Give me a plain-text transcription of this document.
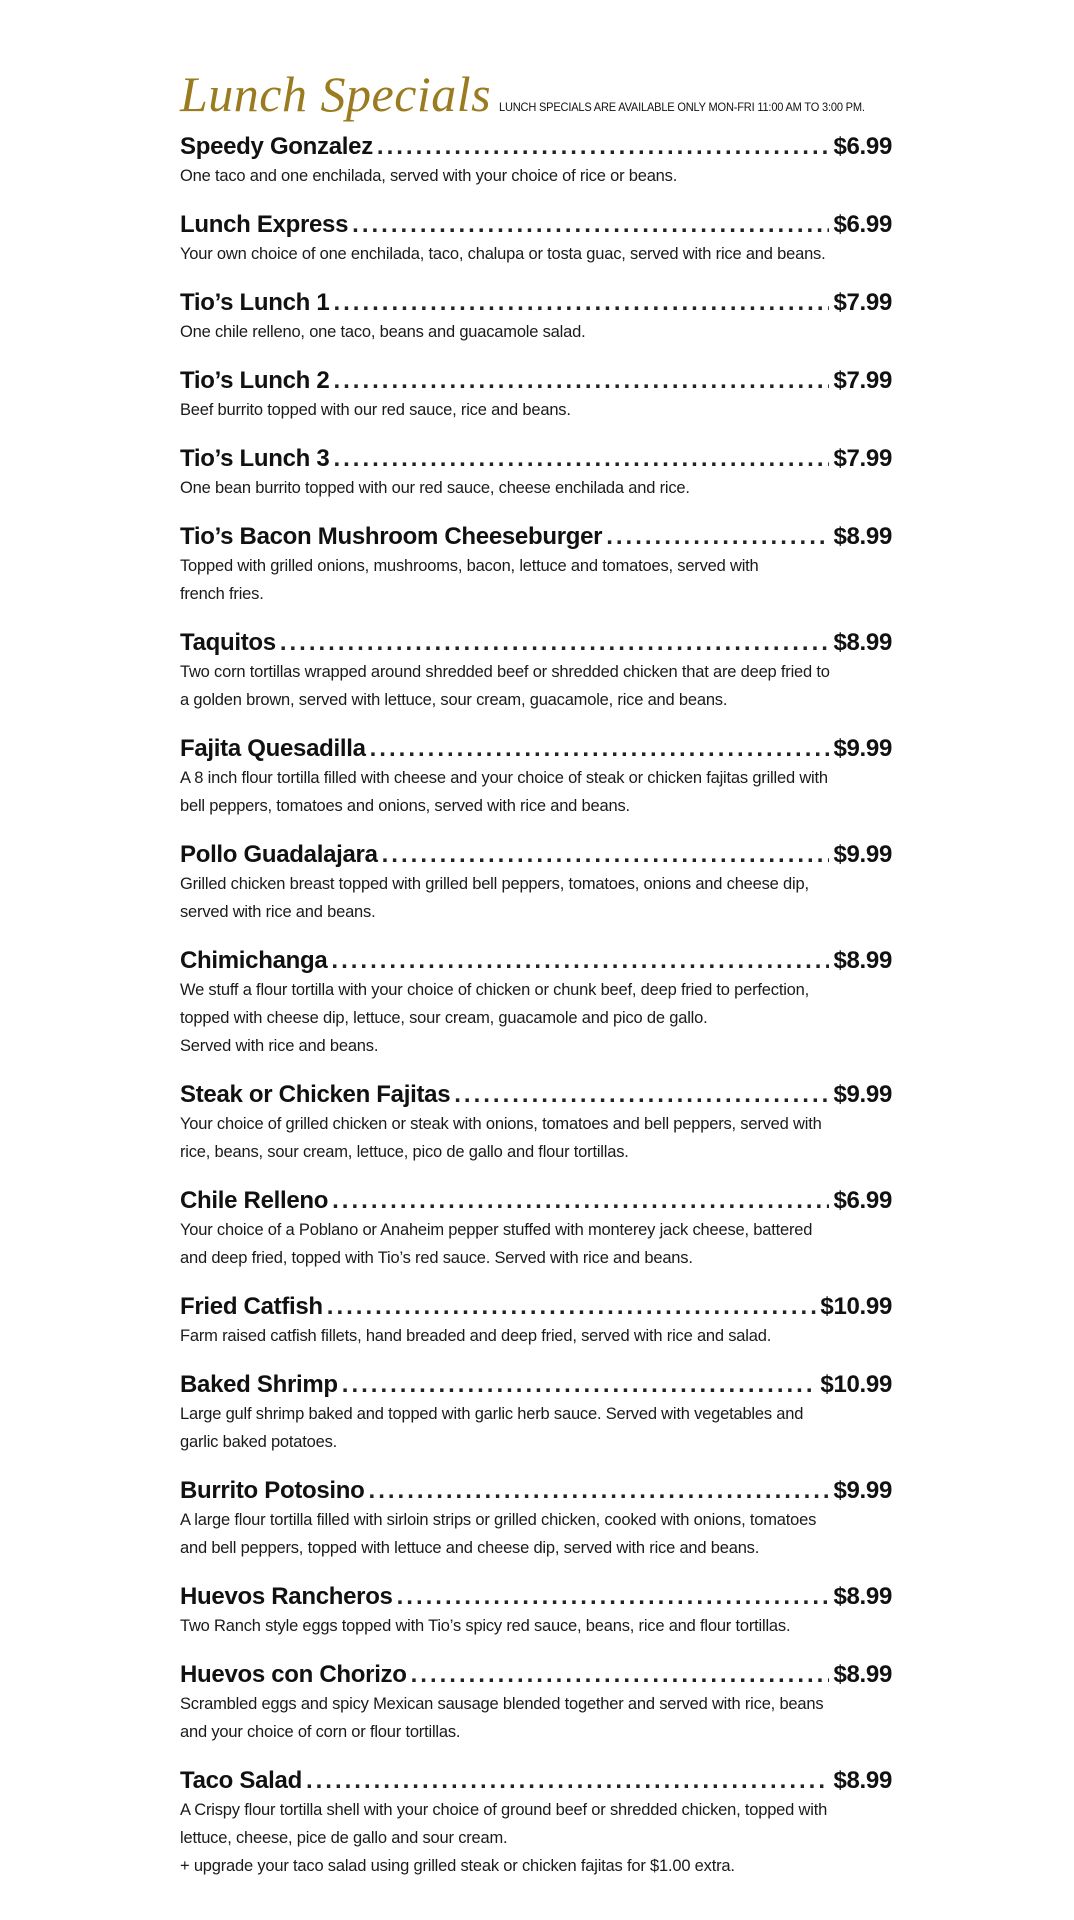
Lunch Specials LUNCH SPECIALS ARE AVAILABLE ONLY MON-FRI 11:00 AM TO 3:00 PM.
Speedy Gonzalez .....	$6.99
One taco and one enchilada, served with your choice of rice or beans.
Lunch Express .....	$6.99
Your own choice of one enchilada, taco, chalupa or tosta guac, served with rice and beans.
Tio’s Lunch 1 .....	$7.99
One chile relleno, one taco, beans and guacamole salad.
Tio’s Lunch 2 .....	$7.99
Beef burrito topped with our red sauce, rice and beans.
Tio’s Lunch 3 .....	$7.99
One bean burrito topped with our red sauce, cheese enchilada and rice.
Tio’s Bacon Mushroom Cheeseburger .....	$8.99
Topped with grilled onions, mushrooms, bacon, lettuce and tomatoes, served with
french fries.
Taquitos .....	$8.99
Two corn tortillas wrapped around shredded beef or shredded chicken that are deep fried to
a golden brown, served with lettuce, sour cream, guacamole, rice and beans.
Fajita Quesadilla .....	$9.99
A 8 inch flour tortilla filled with cheese and your choice of steak or chicken fajitas grilled with
bell peppers, tomatoes and onions, served with rice and beans.
Pollo Guadalajara .....	$9.99
Grilled chicken breast topped with grilled bell peppers, tomatoes, onions and cheese dip,
served with rice and beans.
Chimichanga .....	$8.99
We stuff a flour tortilla with your choice of chicken or chunk beef, deep fried to perfection,
topped with cheese dip, lettuce, sour cream, guacamole and pico de gallo.
Served with rice and beans.
Steak or Chicken Fajitas .....	$9.99
Your choice of grilled chicken or steak with onions, tomatoes and bell peppers, served with
rice, beans, sour cream, lettuce, pico de gallo and flour tortillas.
Chile Relleno .....	$6.99
Your choice of a Poblano or Anaheim pepper stuffed with monterey jack cheese, battered
and deep fried, topped with Tio’s red sauce. Served with rice and beans.
Fried Catfish .....	$10.99
Farm raised catfish fillets, hand breaded and deep fried, served with rice and salad.
Baked Shrimp .....	$10.99
Large gulf shrimp baked and topped with garlic herb sauce. Served with vegetables and
garlic baked potatoes.
Burrito Potosino .....	$9.99
A large flour tortilla filled with sirloin strips or grilled chicken, cooked with onions, tomatoes
and bell peppers, topped with lettuce and cheese dip, served with rice and beans.
Huevos Rancheros .....	$8.99
Two Ranch style eggs topped with Tio’s spicy red sauce, beans, rice and flour tortillas.
Huevos con Chorizo .....	$8.99
Scrambled eggs and spicy Mexican sausage blended together and served with rice, beans
and your choice of corn or flour tortillas.
Taco Salad .....	$8.99
A Crispy flour tortilla shell with your choice of ground beef or shredded chicken, topped with
lettuce, cheese, pice de gallo and sour cream.
+ upgrade your taco salad using grilled steak or chicken fajitas for $1.00 extra.
